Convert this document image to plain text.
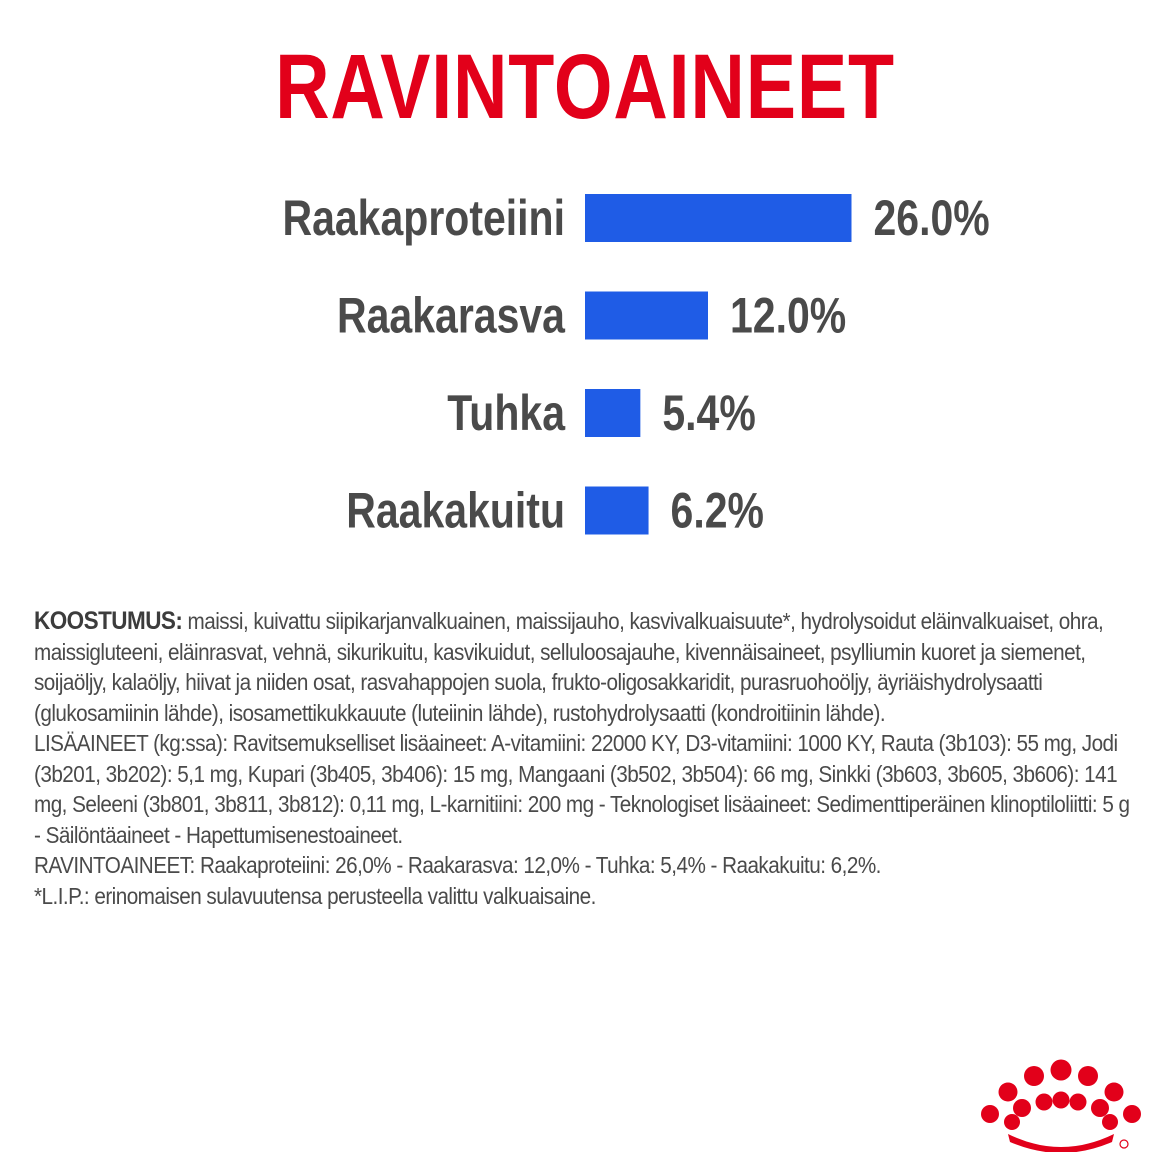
RAVINTOAINEET
Raakaproteiini	26.0%
Raakarasva	12.0%
Tuhka 5.4%
Raakakuitu 6.2%

KOOSTUMUS: maissi, kuivattu siipikarjanvalkuainen, maissijauho, kasvivalkuaisuute*, hydrolysoidut eläinvalkuaiset, ohra, maissigluteeni, eläinrasvat, vehnä, sikurikuitu, kasvikuidut, selluloosajauhe, kivennäisaineet, psylliumin kuoret ja siemenet, soijaöljy, kalaöljy, hiivat ja niiden osat, rasvahappojen suola, frukto-oligosakkaridit, purasruohoöljy, äyriäishydrolysaatti (glukosamiinin lähde), isosamettikukkauute (luteiinin lähde), rustohydrolysaatti (kondroitiinin lähde).

LISÄAINEET (kg:ssa): Ravitsemukselliset lisäaineet: A-vitamiini: 22000 KY, D3-vitamiini: 1000 KY, Rauta (3b103): 55 mg, Jodi (3b201, 3b202): 5,1 mg, Kupari (3b405, 3b406): 15 mg, Mangaani (3b502, 3b504): 66 mg, Sinkki (3b603, 3b605, 3b606): 141 mg, Seleeni (3b801, 3b811, 3b812): 0,11 mg, L-karnitiini: 200 mg - Teknologiset lisäaineet: Sedimenttiperäinen klinoptiloliitti: 5 g - Säilöntäaineet - Hapettumisenestoaineet.

RAVINTOAINEET: Raakaproteiini: 26,0% - Raakarasva: 12,0% - Tuhka: 5,4% - Raakakuitu: 6,2%.

*L.I.P.: erinomaisen sulavuutensa perusteella valittu valkuaisaine.
